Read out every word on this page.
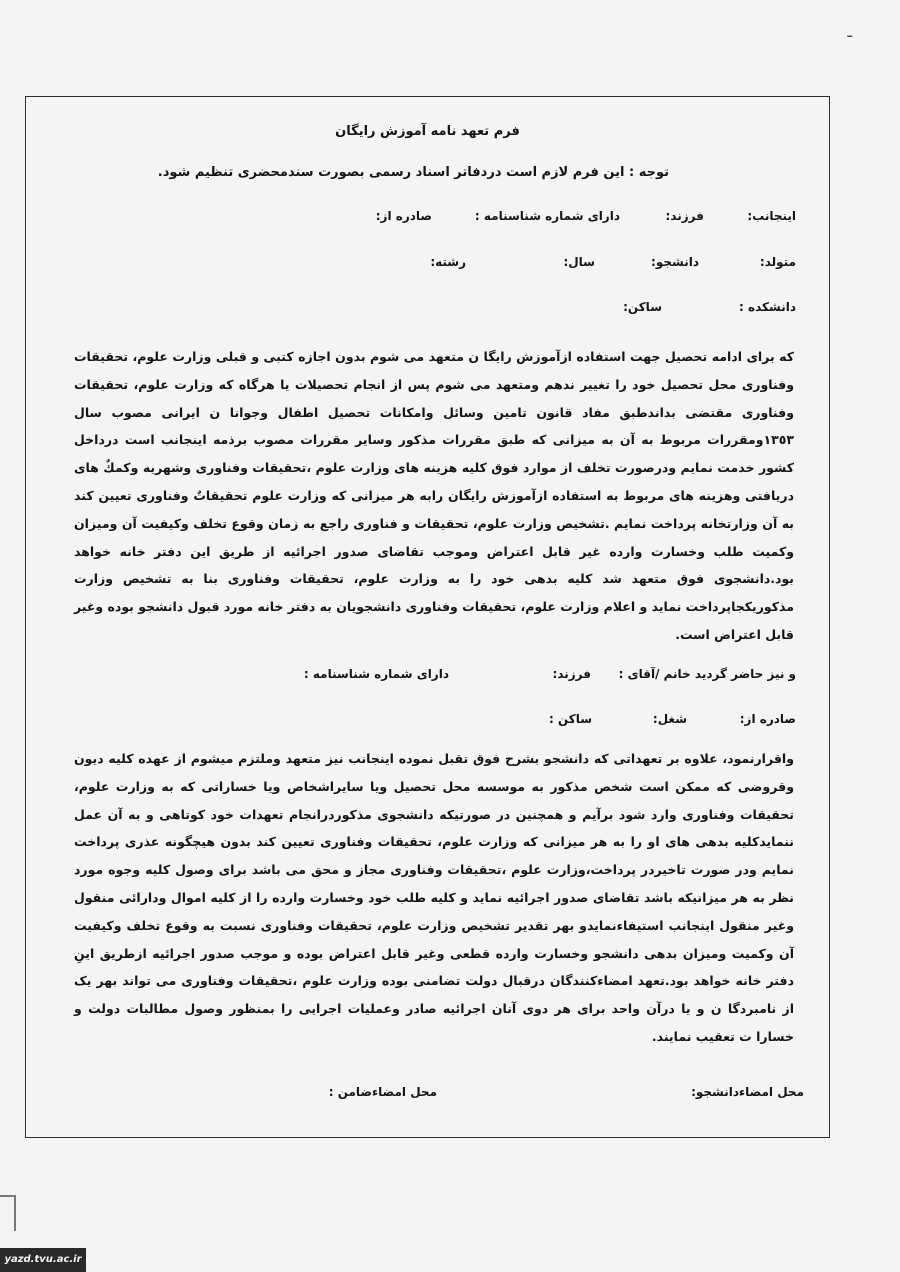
ـ
فرم تعهد نامه آموزش رایگان
توجه : این فرم لازم است دردفاتر اسناد رسمی بصورت سندمحضری تنظیم شود.
اینجانب:
فرزند:
دارای شماره شناسنامه :
صادره از:
متولد:
دانشجو:
سال:
رشته:
دانشکده :
ساکن:
كه برای ادامه تحصیل جهت استفاده ازآموزش رایگا ن متعهد می شوم بدون اجازه کتبی و قبلی وزارت علوم، تحقیقات وفناوری محل تحصیل خود را تغییر ندهم ومتعهد می شوم پس از انجام تحصیلات یا هرگاه که وزارت علوم، تحقیقات وفناوری مقتضی بداندطبق مفاد قانون تامین وسائل وامکانات تحصیل اطفال وجوانا ن ایرانی مصوب سال ١٣٥٣ومقررات مربوط به آن به میزانی که طبق مقررات مذکور وسایر مقررات مصوب برذمه اینجانب است درداخل کشور خدمت نمایم ودرصورت تخلف از موارد فوق کلیه هزینه های وزارت علوم ،تحقیقات وفناوری وشهریه وكمكٌ های دریافتی وهزینه های مربوط به استفاده ازآموزش رایگان رابه هر میزانی که وزارت علوم تحقیقاتٌ وفناوری تعیین کند به آن وزارتخانه پرداخت نمایم .تشخیص وزارت علوم، تحقیقات و فناوری راجع به زمان وقوع تخلف وکیفیت آن ومیزان وکمیت طلب وخسارت وارده غیر قابل اعتراض وموجب تقاضای صدور اجرائیه از طریق این دفتر خانه خواهد بود.دانشجوی فوق متعهد شد کلیه بدهی خود را به وزارت علوم، تحقیقات وفناوری بنا به تشخیص وزارت مذکوریکجاپرداخت نماید و اعلام وزارت علوم، تحقیقات وفناوری دانشجویان به دفتر خانه مورد قبول دانشجو بوده وغیر قابل اعتراض است.
و نیز حاضر گردید خانم /آقای :
فرزند:
دارای شماره شناسنامه :
صادره از:
شغل:
ساکن :
واقرارنمود، علاوه بر تعهداتی که دانشجو بشرح فوق تقبل نموده اینجانب نیز متعهد وملتزم میشوم از عهده کلیه دیون وقروضی که ممکن است شخص مذکور به موسسه محل تحصیل ویا سایراشخاص ویا خساراتی که به وزارت علوم، تحقیقات وفناوری وارد شود برآیم و همچنین در صورتیکه دانشجوی مذکوردرانجام تعهدات خود کوتاهی و به آن عمل ننمایدکلیه بدهی های او را به هر میزانی که وزارت علوم، تحقیقات وفناوری تعیین کند بدون هیچگونه عذری پرداخت نمایم ودر صورت تاخیردر پرداخت،وزارت علوم ،تحقیقات وفناوری مجاز و محق می باشد برای وصول کلیه وجوه مورد نظر به هر میزانیکه باشد تقاضای صدور اجرائیه نماید و کلیه طلب خود وخسارت وارده را از کلیه اموال ودارائی منقول وغیر منقول اینجانب استیفاءنمایدو بهر تقدیر تشخیص وزارت علوم، تحقیقات وفناوری نسبت به وقوع تخلف وکیفیت آن وکمیت ومیزان بدهی دانشجو وخسارت وارده قطعی وغیر قابل اعتراض بوده و موجب صدور اجرائیه ازطریق اینِ دفتر خانه خواهد بود.تعهد امضاءکنندگان درقبال دولت تضامنی بوده وزارت علوم ،تحقیقات وفناوری می تواند بهر یک از نامبردگا ن و یا درآن واحد برای هر دوی آنان اجرائیه صادر وعملیات اجرایی را بمنظور وصول مطالبات دولت و خسارا ت تعقیب نمایند.
محل امضاءدانشجو:
محل امضاءضامن :
yazd.tvu.ac.ir
